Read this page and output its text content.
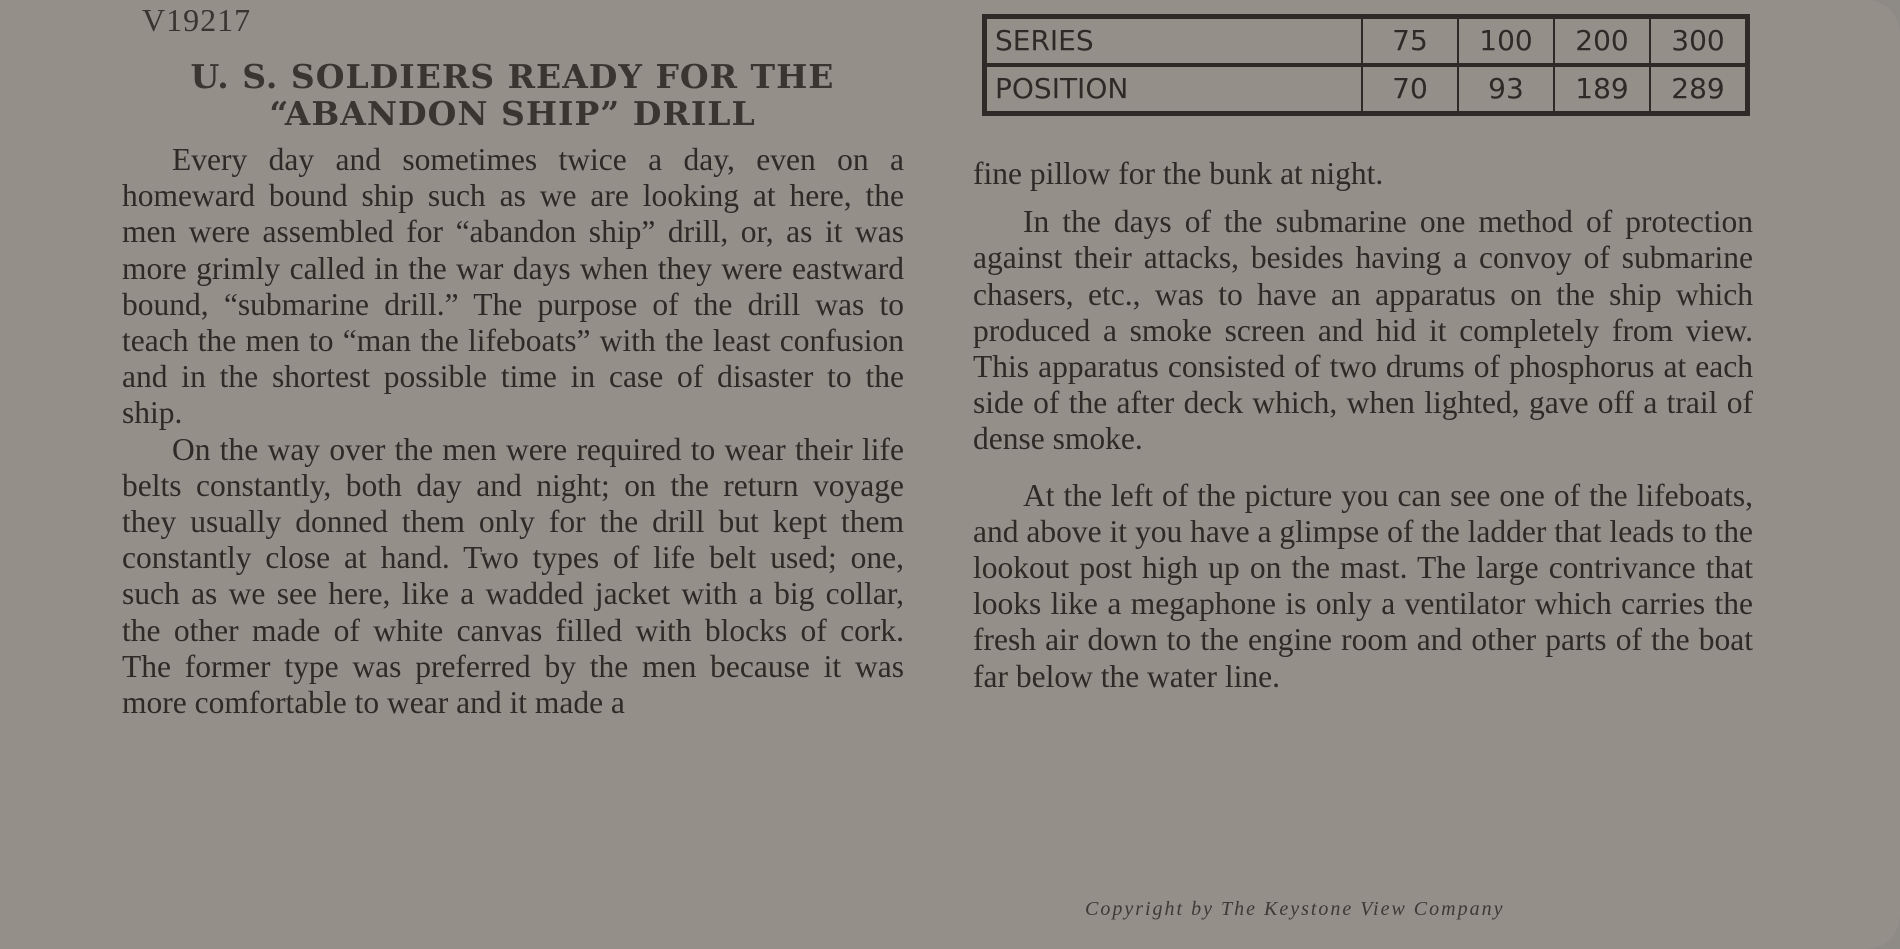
V19217
U. S. SOLDIERS READY FOR THE
“ABANDON SHIP” DRILL
SERIES	75	100	200	300
POSITION	70	93	189	289

Every day and sometimes twice a day, even on a homeward bound ship such as we are looking at here, the men were assembled for “abandon ship” drill, or, as it was more grimly called in the war days when they were eastward bound, “submarine drill.” The purpose of the drill was to teach the men to “man the lifeboats” with the least confusion and in the shortest possible time in case of disaster to the ship.

On the way over the men were required to wear their life belts constantly, both day and night; on the return voyage they usually donned them only for the drill but kept them constantly close at hand. Two types of life belt used; one, such as we see here, like a wadded jacket with a big collar, the other made of white canvas filled with blocks of cork. The former type was preferred by the men because it was more comfortable to wear and it made a

fine pillow for the bunk at night.

In the days of the submarine one method of protection against their attacks, besides having a convoy of submarine chasers, etc., was to have an apparatus on the ship which produced a smoke screen and hid it completely from view. This apparatus consisted of two drums of phosphorus at each side of the after deck which, when lighted, gave off a trail of dense smoke.

At the left of the picture you can see one of the lifeboats, and above it you have a glimpse of the ladder that leads to the lookout post high up on the mast. The large contrivance that looks like a megaphone is only a ventilator which carries the fresh air down to the engine room and other parts of the boat far below the water line.

Copyright by The Keystone View Company
